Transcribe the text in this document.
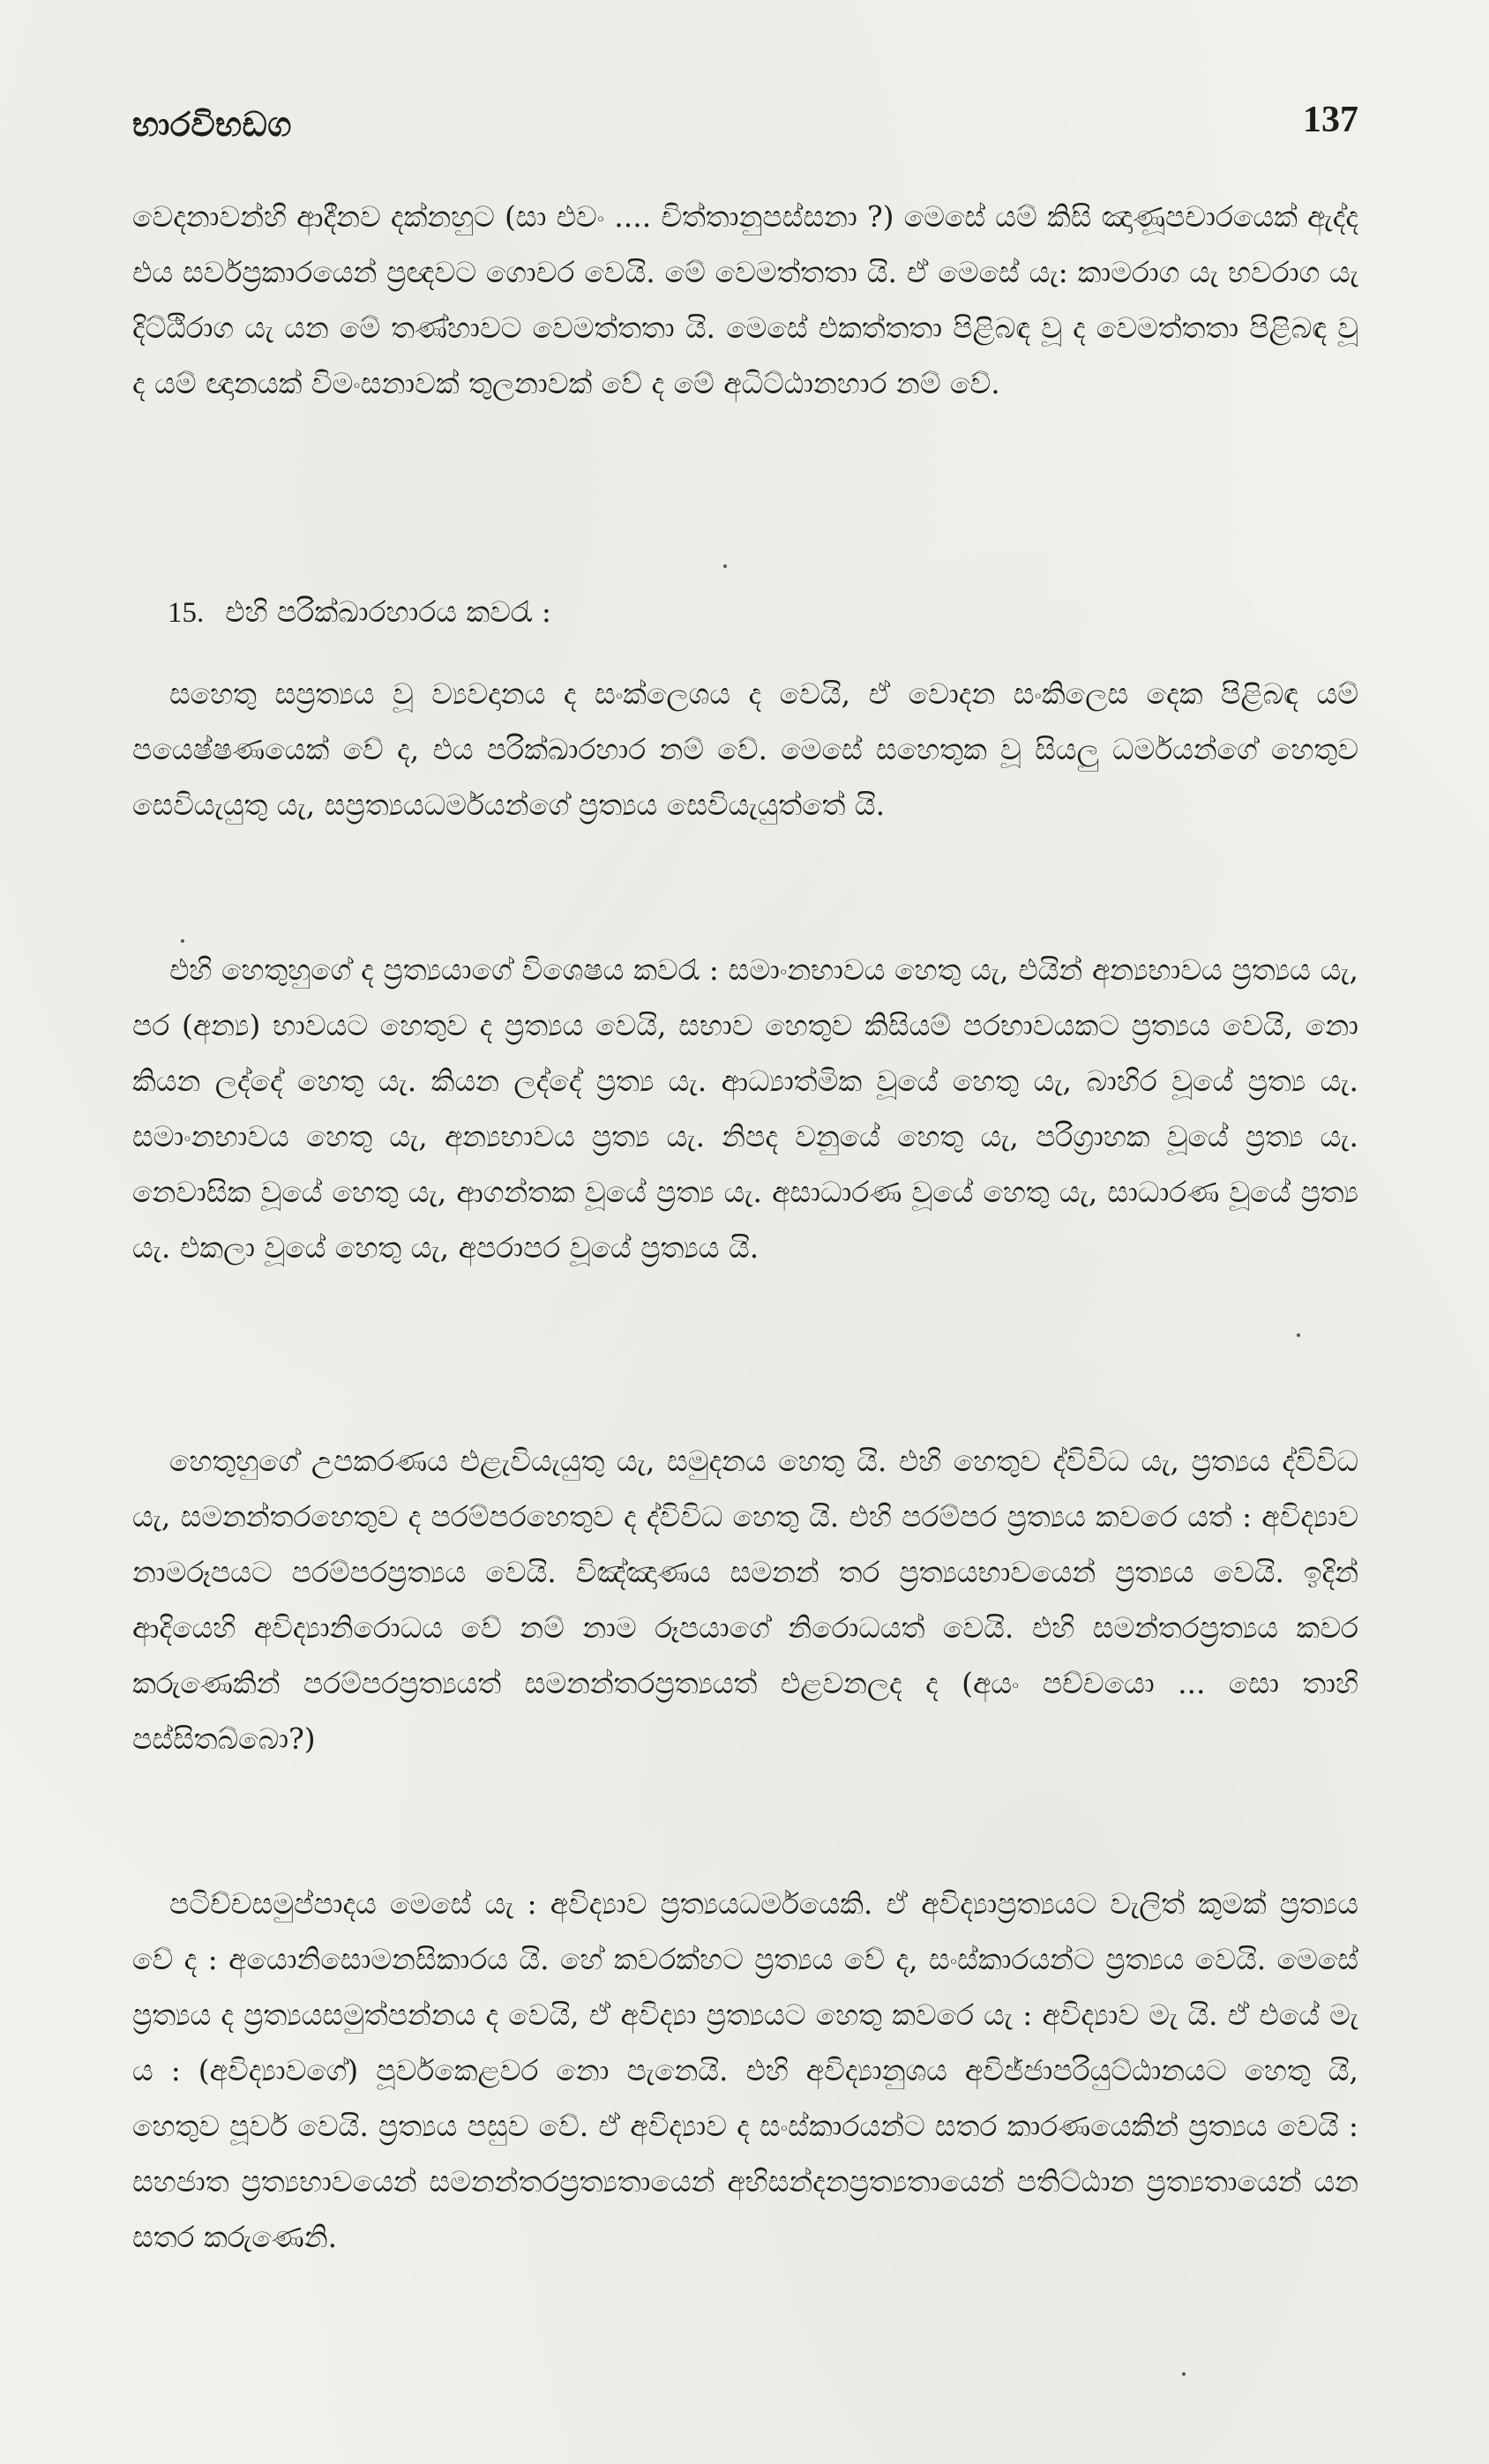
භාරවිභඩග	137

වෙදනාවන්හි ආදීනව දක්නහුට (සා එවං .... චිත්තානුපස්සනා ?) මෙසේ යම් කිසි ඤාණූපචාරයෙක් ඇද්ද එය සර්වප්‍රකාරයෙන් ප්‍රඥවට ගොචර වෙයි. මේ වෙමත්තතා යි. ඒ මෙසේ යැ: කාමරාග යැ භවරාග යැ දිට්ඨිරාග යැ යන මේ තණ්හාවට වෙමත්තතා යි. මෙසේ එකත්තතා පිළිබඳ වූ ද වෙමත්තතා පිළිබඳ වූ ද යම් ඥානයක් විමංසනාවක් තුලනාවක් වේ ද මේ අධිට්ඨානහාර නම් වේ.

15. එහි පරික්ඛාරහාරය කවරැ :

සහෙතු සප්‍රත්‍යය වූ ව්‍යවදානය ද සංක්ලෙශය ද වෙයි, ඒ වොදන සංකිලෙස දෙක පිළිබඳ යම් පයෙෂ්ෂණයෙක් වේ ද, එය පරික්ඛාරහාර නම් වේ. මෙසේ සහෙතුක වූ සියලු ධර්මයන්ගේ හෙතුව සෙවියැයුතු යැ, සප්‍රත්‍යයධර්මයන්ගේ ප්‍රත්‍යය සෙවියැයුත්තේ යි.

එහි හෙතුහුගේ ද ප්‍රත්‍යයාගේ විශෙෂය කවරැ : සමාංනභාවය හෙතු යැ, එයින් අන්‍යභාවය ප්‍රත්‍යය යැ, පර (අන්‍ය) භාවයට හෙතුව ද ප්‍රත්‍යය වෙයි, සභාව හෙතුව කිසියම් පරභාවයකට ප්‍රත්‍යය වෙයි, නො කියන ලද්දේ හෙතු යැ. කියන ලද්දේ ප්‍රත්‍ය යැ. ආධ්‍යාත්මික වූයේ හෙතු යැ, බාහිර වූයේ ප්‍රත්‍ය යැ. සමාංනභාවය හෙතු යැ, අන්‍යභාවය ප්‍රත්‍ය යැ. නිපද වනුයේ හෙතු යැ, පරිග්‍රාහක වූයේ ප්‍රත්‍ය යැ. නෙවාසික වූයේ හෙතු යැ, ආගන්තක වූයේ ප්‍රත්‍ය යැ. අසාධාරණ වූයේ හෙතු යැ, සාධාරණ වූයේ ප්‍රත්‍ය යැ. එකලා වූයේ හෙතු යැ, අපරාපර වූයේ ප්‍රත්‍යය යි.

හෙතුහුගේ උපකරණය එළැවියැයුතු යැ, සමුදනය හෙතු යි. එහි හෙතුව ද්විවිධ යැ, ප්‍රත්‍යය ද්විවිධ යැ, සමනන්තරහෙතුව ද පරම්පරහෙතුව ද ද්විවිධ හෙතු යි. එහි පරම්පර ප්‍රත්‍යය කවරෙ යත් : අවිද්‍යාව නාමරූපයට පරම්පරප්‍රත්‍යය වෙයි. විඤ්ඤාණය සමනන් තර ප්‍රත්‍යයභාවයෙන් ප්‍රත්‍යය වෙයි. ඉදින් ආදියෙහි අවිද්‍යානිරොධය වේ නම් නාම රූපයාගේ නිරොධයත් වෙයි. එහි සමන්තරප්‍රත්‍යය කවර කරුණෙකින් පරම්පරප්‍රත්‍යයත් සමනන්තරප්‍රත්‍යයත් එළවනලද ද (අයං පච්චයො ... සො තාහි පස්සිතබ්බො?)

පටිච්චසමුප්පාදය මෙසේ යැ : අවිද්‍යාව ප්‍රත්‍යයධර්මයෙකි. ඒ අවිද්‍යාප්‍රත්‍යයට වැලිත් කුමක් ප්‍රත්‍යය වේ ද : අයොනිසොමනසිකාරය යි. හේ කවරක්හට ප්‍රත්‍යය වේ ද, සංස්කාරයන්ට ප්‍රත්‍යය වෙයි. මෙසේ ප්‍රත්‍යය ද ප්‍රත්‍යයසමුත්පන්නය ද වෙයි, ඒ අවිද්‍යා ප්‍රත්‍යයට හෙතු කවරෙ යැ : අවිද්‍යාව මැ යි. ඒ එයේ මැ ය : (අවිද්‍යාවගේ) පූර්වකෙළවර නො පැනෙයි. එහි අවිද්‍යානුශය අවිජ්ජාපරියුට්ඨානයට හෙතු යි, හෙතුව පූර්ව වෙයි. ප්‍රත්‍යය පසුව වේ. ඒ අවිද්‍යාව ද සංස්කාරයන්ට සතර කාරණයෙකින් ප්‍රත්‍යය වෙයි : සහජාත ප්‍රත්‍යභාවයෙන් සමනන්තරප්‍රත්‍යතායෙන් අභිසන්දනප්‍රත්‍යතායෙන් පතිට්ඨාන ප්‍රත්‍යතායෙන් යන සතර කරුණෙනි.
